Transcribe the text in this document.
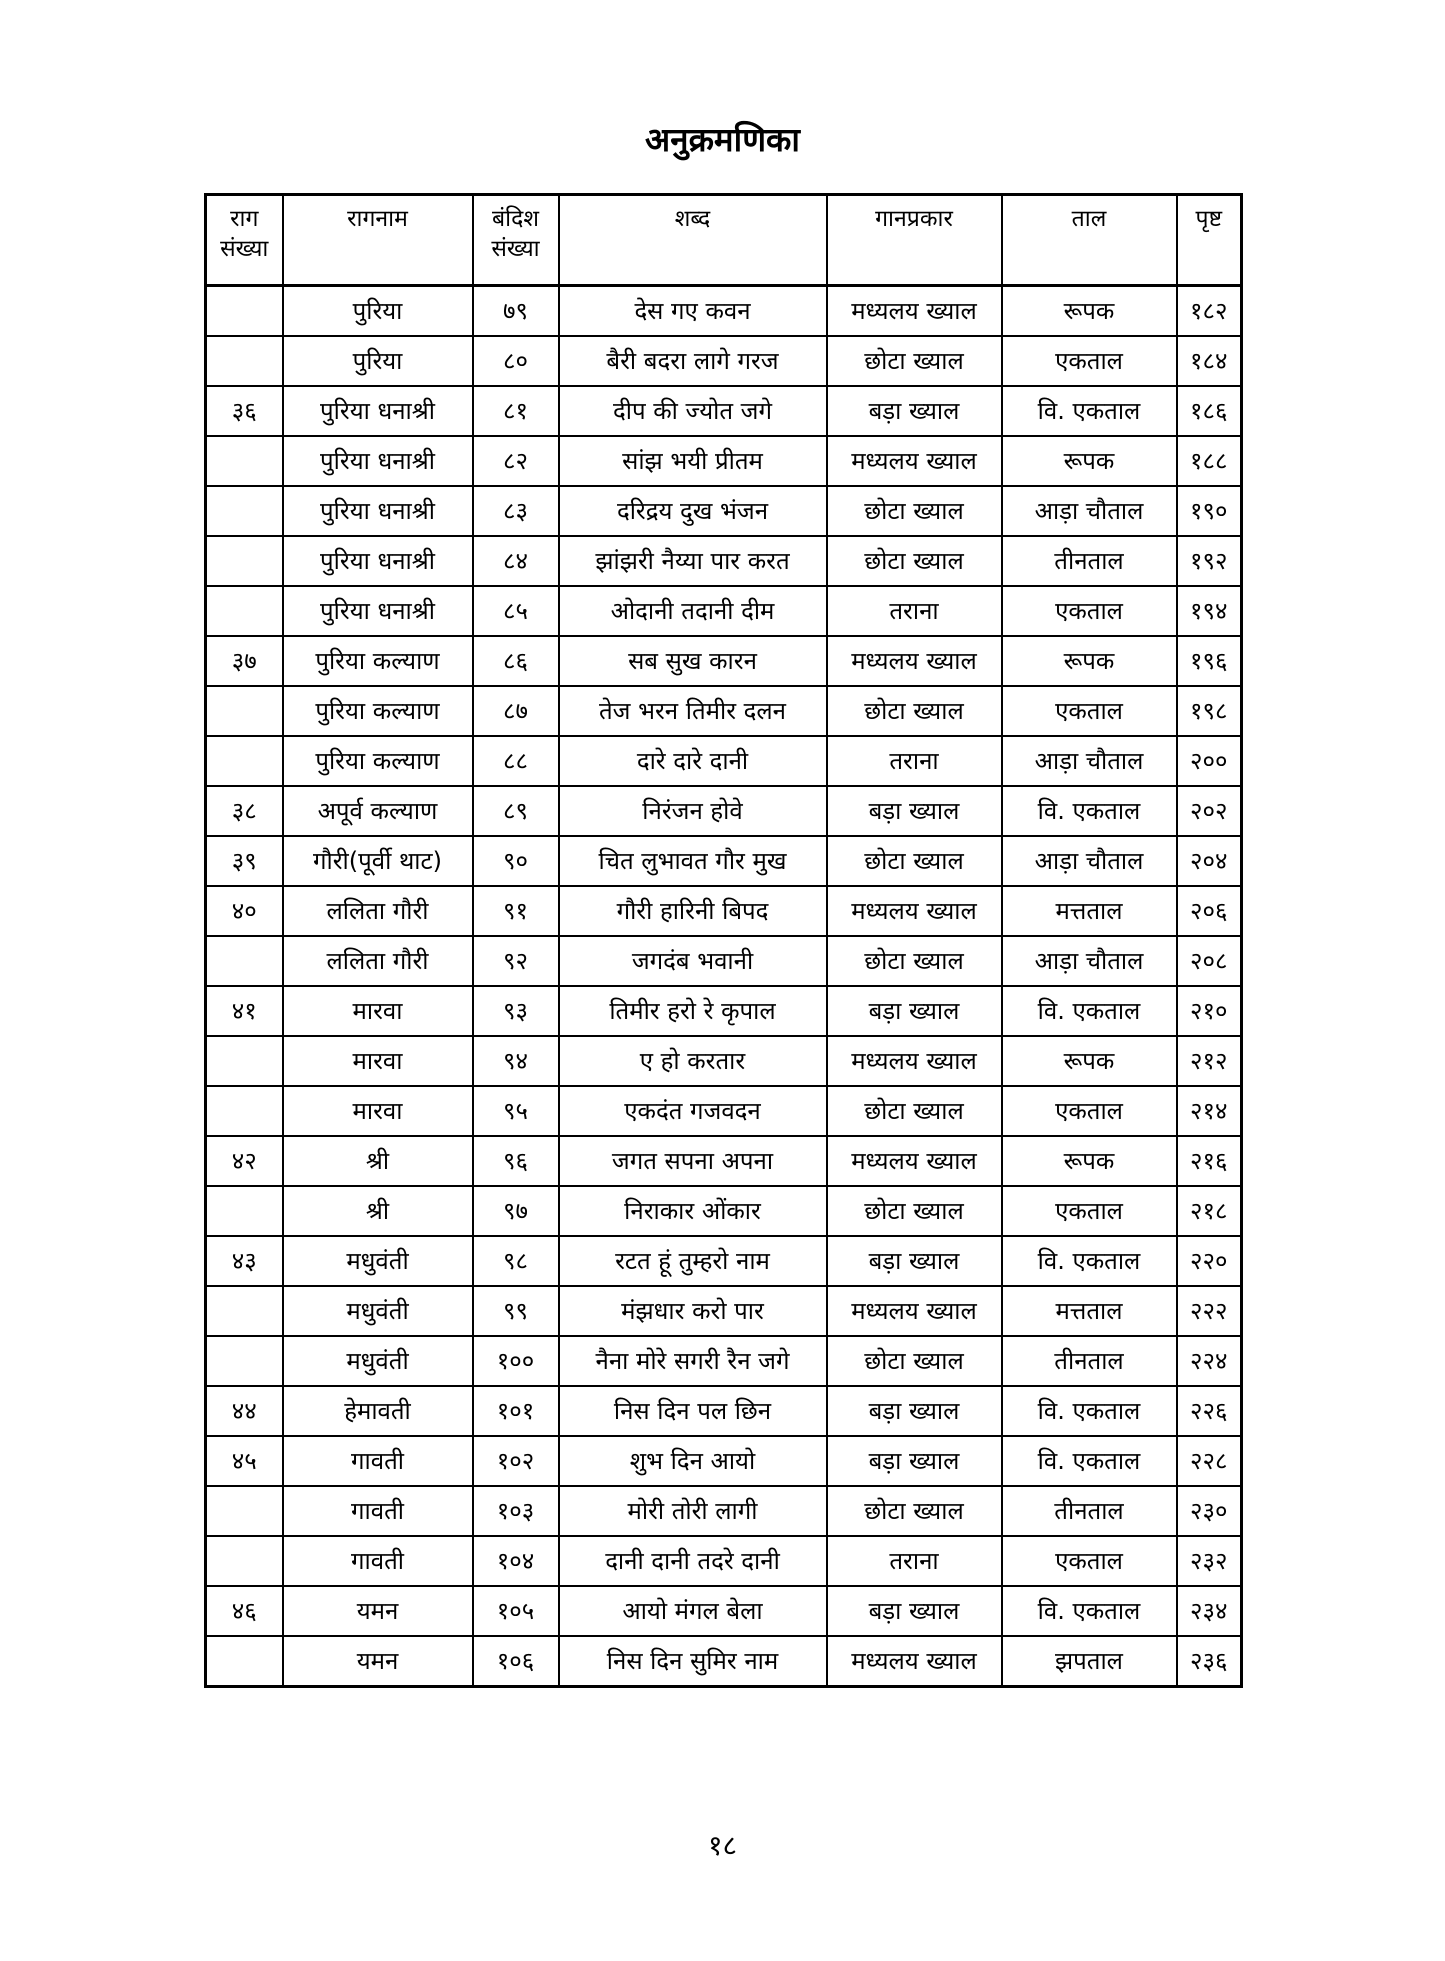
अनुक्रमणिका
राग संख्या	रागनाम	बंदिश संख्या	शब्द	गानप्रकार	ताल	पृष्ट
	पुरिया	७९	देस गए कवन	मध्यलय ख्याल	रूपक	१८२
	पुरिया	८०	बैरी बदरा लागे गरज	छोटा ख्याल	एकताल	१८४
३६	पुरिया धनाश्री	८१	दीप की ज्योत जगे	बड़ा ख्याल	वि. एकताल	१८६
	पुरिया धनाश्री	८२	सांझ भयी प्रीतम	मध्यलय ख्याल	रूपक	१८८
	पुरिया धनाश्री	८३	दरिद्रय दुख भंजन	छोटा ख्याल	आड़ा चौताल	१९०
	पुरिया धनाश्री	८४	झांझरी नैय्या पार करत	छोटा ख्याल	तीनताल	१९२
	पुरिया धनाश्री	८५	ओदानी तदानी दीम	तराना	एकताल	१९४
३७	पुरिया कल्याण	८६	सब सुख कारन	मध्यलय ख्याल	रूपक	१९६
	पुरिया कल्याण	८७	तेज भरन तिमीर दलन	छोटा ख्याल	एकताल	१९८
	पुरिया कल्याण	८८	दारे दारे दानी	तराना	आड़ा चौताल	२००
३८	अपूर्व कल्याण	८९	निरंजन होवे	बड़ा ख्याल	वि. एकताल	२०२
३९	गौरी(पूर्वी थाट)	९०	चित लुभावत गौर मुख	छोटा ख्याल	आड़ा चौताल	२०४
४०	ललिता गौरी	९१	गौरी हारिनी बिपद	मध्यलय ख्याल	मत्तताल	२०६
	ललिता गौरी	९२	जगदंब भवानी	छोटा ख्याल	आड़ा चौताल	२०८
४१	मारवा	९३	तिमीर हरो रे कृपाल	बड़ा ख्याल	वि. एकताल	२१०
	मारवा	९४	ए हो करतार	मध्यलय ख्याल	रूपक	२१२
	मारवा	९५	एकदंत गजवदन	छोटा ख्याल	एकताल	२१४
४२	श्री	९६	जगत सपना अपना	मध्यलय ख्याल	रूपक	२१६
	श्री	९७	निराकार ओंकार	छोटा ख्याल	एकताल	२१८
४३	मधुवंती	९८	रटत हूं तुम्हरो नाम	बड़ा ख्याल	वि. एकताल	२२०
	मधुवंती	९९	मंझधार करो पार	मध्यलय ख्याल	मत्तताल	२२२
	मधुवंती	१००	नैना मोरे सगरी रैन जगे	छोटा ख्याल	तीनताल	२२४
४४	हेमावती	१०१	निस दिन पल छिन	बड़ा ख्याल	वि. एकताल	२२६
४५	गावती	१०२	शुभ दिन आयो	बड़ा ख्याल	वि. एकताल	२२८
	गावती	१०३	मोरी तोरी लागी	छोटा ख्याल	तीनताल	२३०
	गावती	१०४	दानी दानी तदरे दानी	तराना	एकताल	२३२
४६	यमन	१०५	आयो मंगल बेला	बड़ा ख्याल	वि. एकताल	२३४
	यमन	१०६	निस दिन सुमिर नाम	मध्यलय ख्याल	झपताल	२३६
१८
